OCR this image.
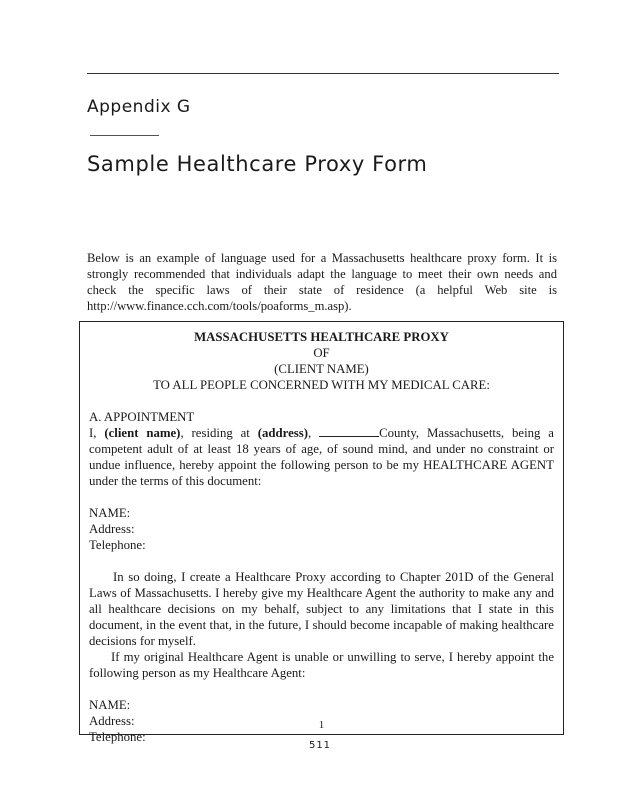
Appendix G
Sample Healthcare Proxy Form
Below is an example of language used for a Massachusetts healthcare proxy form. It is strongly recommended that individuals adapt the language to meet their own needs and check the specific laws of their state of residence (a helpful Web site is http://www.finance.cch.com/tools/poaforms_m.asp).
MASSACHUSETTS HEALTHCARE PROXY
OF
(CLIENT NAME)
TO ALL PEOPLE CONCERNED WITH MY MEDICAL CARE:
A. APPOINTMENT
I, (client name), residing at (address),	County, Massachusetts, being a competent adult of at least 18 years of age, of sound mind, and under no constraint or undue influence, hereby appoint the following person to be my HEALTHCARE AGENT under the terms of this document:
NAME:
Address:
Telephone:
In so doing, I create a Healthcare Proxy according to Chapter 201D of the General Laws of Massachusetts. I hereby give my Healthcare Agent the authority to make any and all healthcare decisions on my behalf, subject to any limitations that I state in this document, in the event that, in the future, I should become incapable of making healthcare decisions for myself.
If my original Healthcare Agent is unable or unwilling to serve, I hereby appoint the following person as my Healthcare Agent:
NAME:
Address:
Telephone:
1
511
